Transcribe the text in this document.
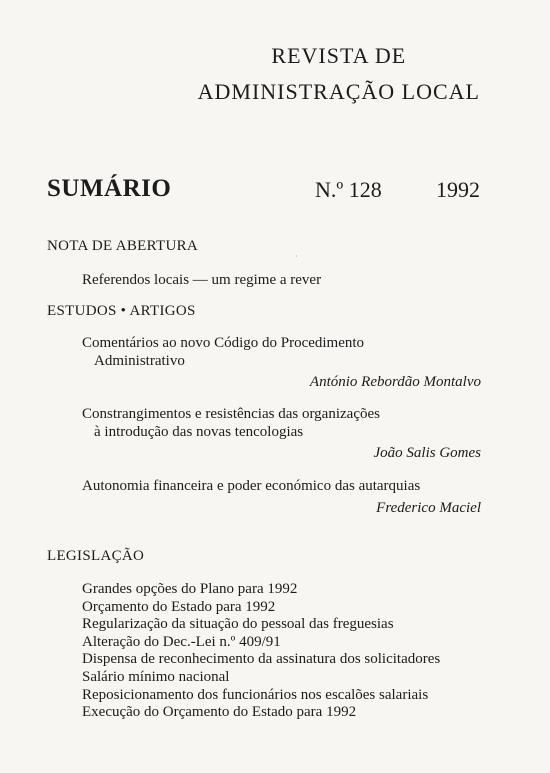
REVISTA DE
ADMINISTRAÇÃO LOCAL
SUMÁRIO	N.º 128 1992
NOTA DE ABERTURA
·
Referendos locais — um regime a rever
ESTUDOS • ARTIGOS
Comentários ao novo Código do Procedimento
Administrativo
António Rebordão Montalvo
Constrangimentos e resistências das organizações
à introdução das novas tencologias
João Salis Gomes
Autonomia financeira e poder económico das autarquias
Frederico Maciel
LEGISLAÇÃO
Grandes opções do Plano para 1992
Orçamento do Estado para 1992
Regularização da situação do pessoal das freguesias
Alteração do Dec.-Lei n.º 409/91
Dispensa de reconhecimento da assinatura dos solicitadores
Salário mínimo nacional
Reposicionamento dos funcionários nos escalões salariais
Execução do Orçamento do Estado para 1992
